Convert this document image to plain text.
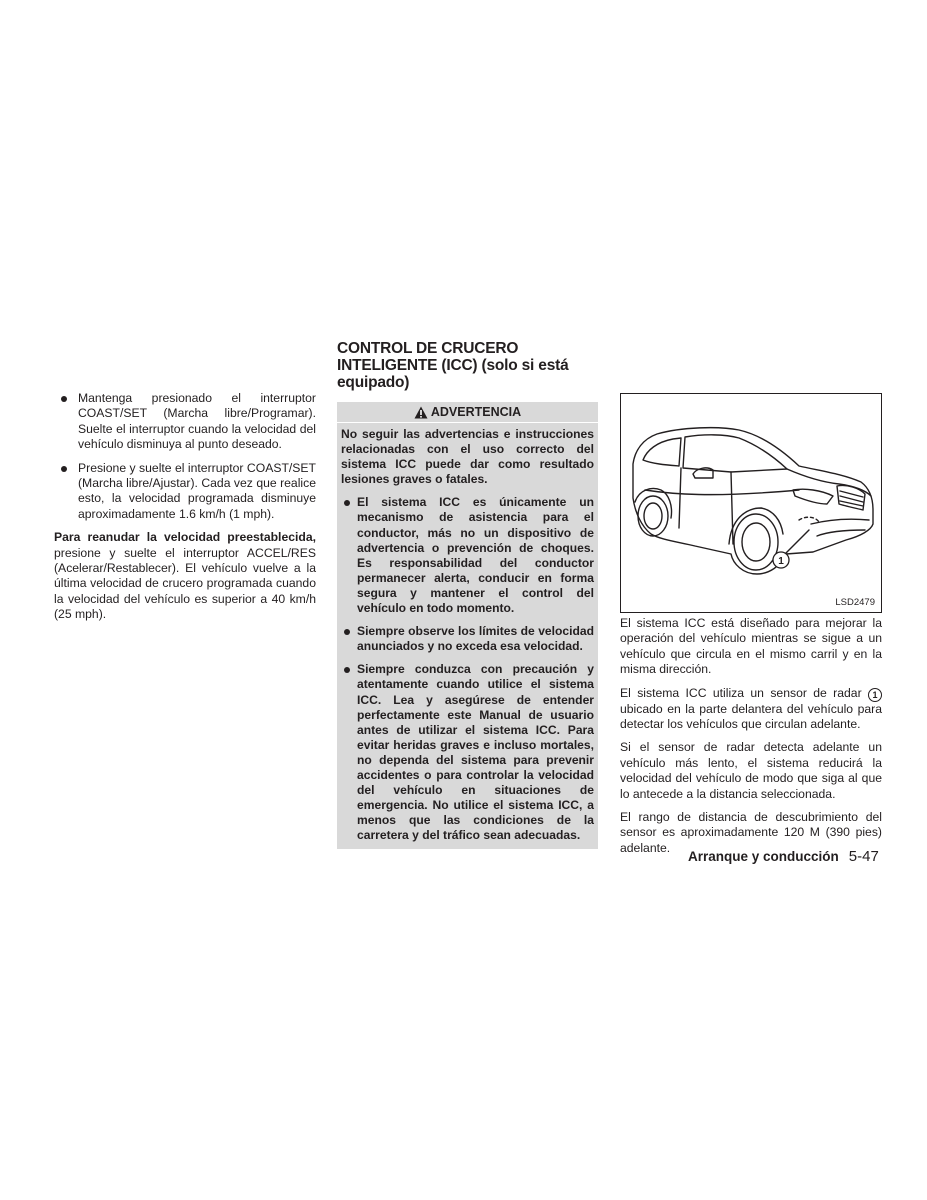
Mantenga presionado el interruptor COAST/SET (Marcha libre/Programar). Suelte el interruptor cuando la velocidad del vehículo disminuya al punto deseado.
Presione y suelte el interruptor COAST/SET (Marcha libre/Ajustar). Cada vez que realice esto, la velocidad programada disminuye aproximadamente 1.6 km/h (1 mph).

Para reanudar la velocidad preestablecida, presione y suelte el interruptor ACCEL/RES (Acelerar/Restablecer). El vehículo vuelve a la última velocidad de crucero programada cuando la velocidad del vehículo es superior a 40 km/h (25 mph).

CONTROL DE CRUCERO INTELIGENTE (ICC) (solo si está equipado)
ADVERTENCIA

No seguir las advertencias e instrucciones relacionadas con el uso correcto del sistema ICC puede dar como resultado lesiones graves o fatales.

El sistema ICC es únicamente un mecanismo de asistencia para el conductor, más no un dispositivo de advertencia o prevención de choques. Es responsabilidad del conductor permanecer alerta, conducir en forma segura y mantener el control del vehículo en todo momento.
Siempre observe los límites de velocidad anunciados y no exceda esa velocidad.
Siempre conduzca con precaución y atentamente cuando utilice el sistema ICC. Lea y asegúrese de entender perfectamente este Manual de usuario antes de utilizar el sistema ICC. Para evitar heridas graves e incluso mortales, no dependa del sistema para prevenir accidentes o para controlar la velocidad del vehículo en situaciones de emergencia. No utilice el sistema ICC, a menos que las condiciones de la carretera y del tráfico sean adecuadas.
1
LSD2479

El sistema ICC está diseñado para mejorar la operación del vehículo mientras se sigue a un vehículo que circula en el mismo carril y en la misma dirección.

El sistema ICC utiliza un sensor de radar 1 ubicado en la parte delantera del vehículo para detectar los vehículos que circulan adelante.

Si el sensor de radar detecta adelante un vehículo más lento, el sistema reducirá la velocidad del vehículo de modo que siga al que lo antecede a la distancia seleccionada.

El rango de distancia de descubrimiento del sensor es aproximadamente 120 M (390 pies) adelante.

Arranque y conducción 5-47
